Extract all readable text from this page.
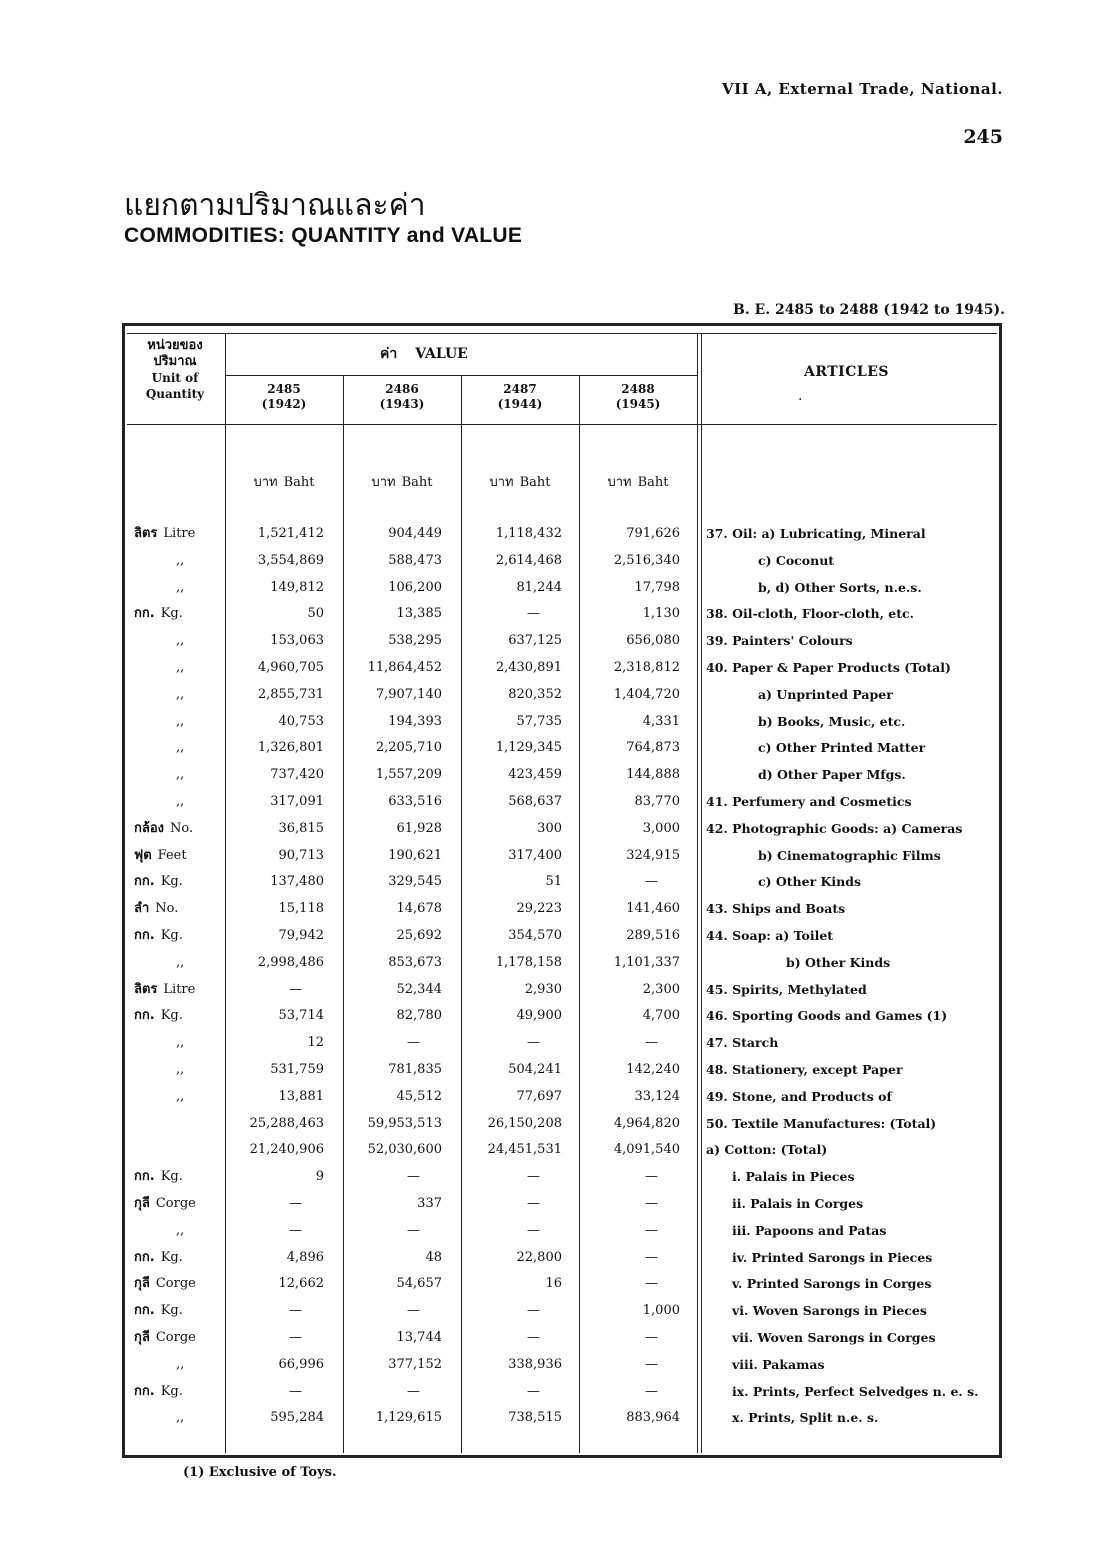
VII A, External Trade, National.
245
แยกตามปริมาณและค่า
COMMODITIES: QUANTITY and VALUE
B. E. 2485 to 2488 (1942 to 1945).
หน่วยของ ปริมาณ
Unit of Quantity
ค่า VALUE
ARTICLES
.
2485
(1942)
2486
(1943)
2487
(1944)
2488
(1945)
บาท Baht	บาท Baht	บาท Baht	บาท Baht
ลิตร Litre	1,521,412	904,449	1,118,432	791,626 37. Oil: a) Lubricating, Mineral
,,	3,554,869	588,473	2,614,468	2,516,340	c) Coconut
,,	149,812	106,200	81,244	17,798	b, d) Other Sorts, n.e.s.
กก. Kg.	50	13,385	—	1,130 38. Oil-cloth, Floor-cloth, etc.
,,	153,063	538,295	637,125	656,080 39. Painters' Colours
,,	4,960,705	11,864,452	2,430,891	2,318,812 40. Paper & Paper Products (Total)
,,	2,855,731	7,907,140	820,352	1,404,720	a) Unprinted Paper
,,	40,753	194,393	57,735	4,331	b) Books, Music, etc.
,,	1,326,801	2,205,710	1,129,345	764,873	c) Other Printed Matter
,,	737,420	1,557,209	423,459	144,888	d) Other Paper Mfgs.
,,	317,091	633,516	568,637	83,770 41. Perfumery and Cosmetics
กล้อง No.	36,815	61,928	300	3,000 42. Photographic Goods: a) Cameras
ฟุต Feet	90,713	190,621	317,400	324,915	b) Cinematographic Films
กก. Kg.	137,480	329,545	51	—	c) Other Kinds
ลำ No.	15,118	14,678	29,223	141,460 43. Ships and Boats
กก. Kg.	79,942	25,692	354,570	289,516 44. Soap: a) Toilet
,,	2,998,486	853,673	1,178,158	1,101,337	b) Other Kinds
ลิตร Litre	—	52,344	2,930	2,300 45. Spirits, Methylated
กก. Kg.	53,714	82,780	49,900	4,700 46. Sporting Goods and Games (1)
,,	12	—	—	—	47. Starch
,,	531,759	781,835	504,241	142,240 48. Stationery, except Paper
,,	13,881	45,512	77,697	33,124 49. Stone, and Products of
25,288,463	59,953,513	26,150,208	4,964,820 50. Textile Manufactures: (Total)
21,240,906	52,030,600	24,451,531	4,091,540 a) Cotton: (Total)
กก. Kg.	9	—	—	—	i. Palais in Pieces
กุลี Corge	—	337	—	—	ii. Palais in Corges
,,	—	—	—	—	iii. Papoons and Patas
กก. Kg.	4,896	48	22,800	—	iv. Printed Sarongs in Pieces
กุลี Corge	12,662	54,657	16	—	v. Printed Sarongs in Corges
กก. Kg.	—	—	—	1,000	vi. Woven Sarongs in Pieces
กุลี Corge	—	13,744	—	—	vii. Woven Sarongs in Corges
,,	66,996	377,152	338,936	—	viii. Pakamas
กก. Kg.	—	—	—	—	ix. Prints, Perfect Selvedges n. e. s.
,,	595,284	1,129,615	738,515	883,964	x. Prints, Split n.e. s.
(1) Exclusive of Toys.
